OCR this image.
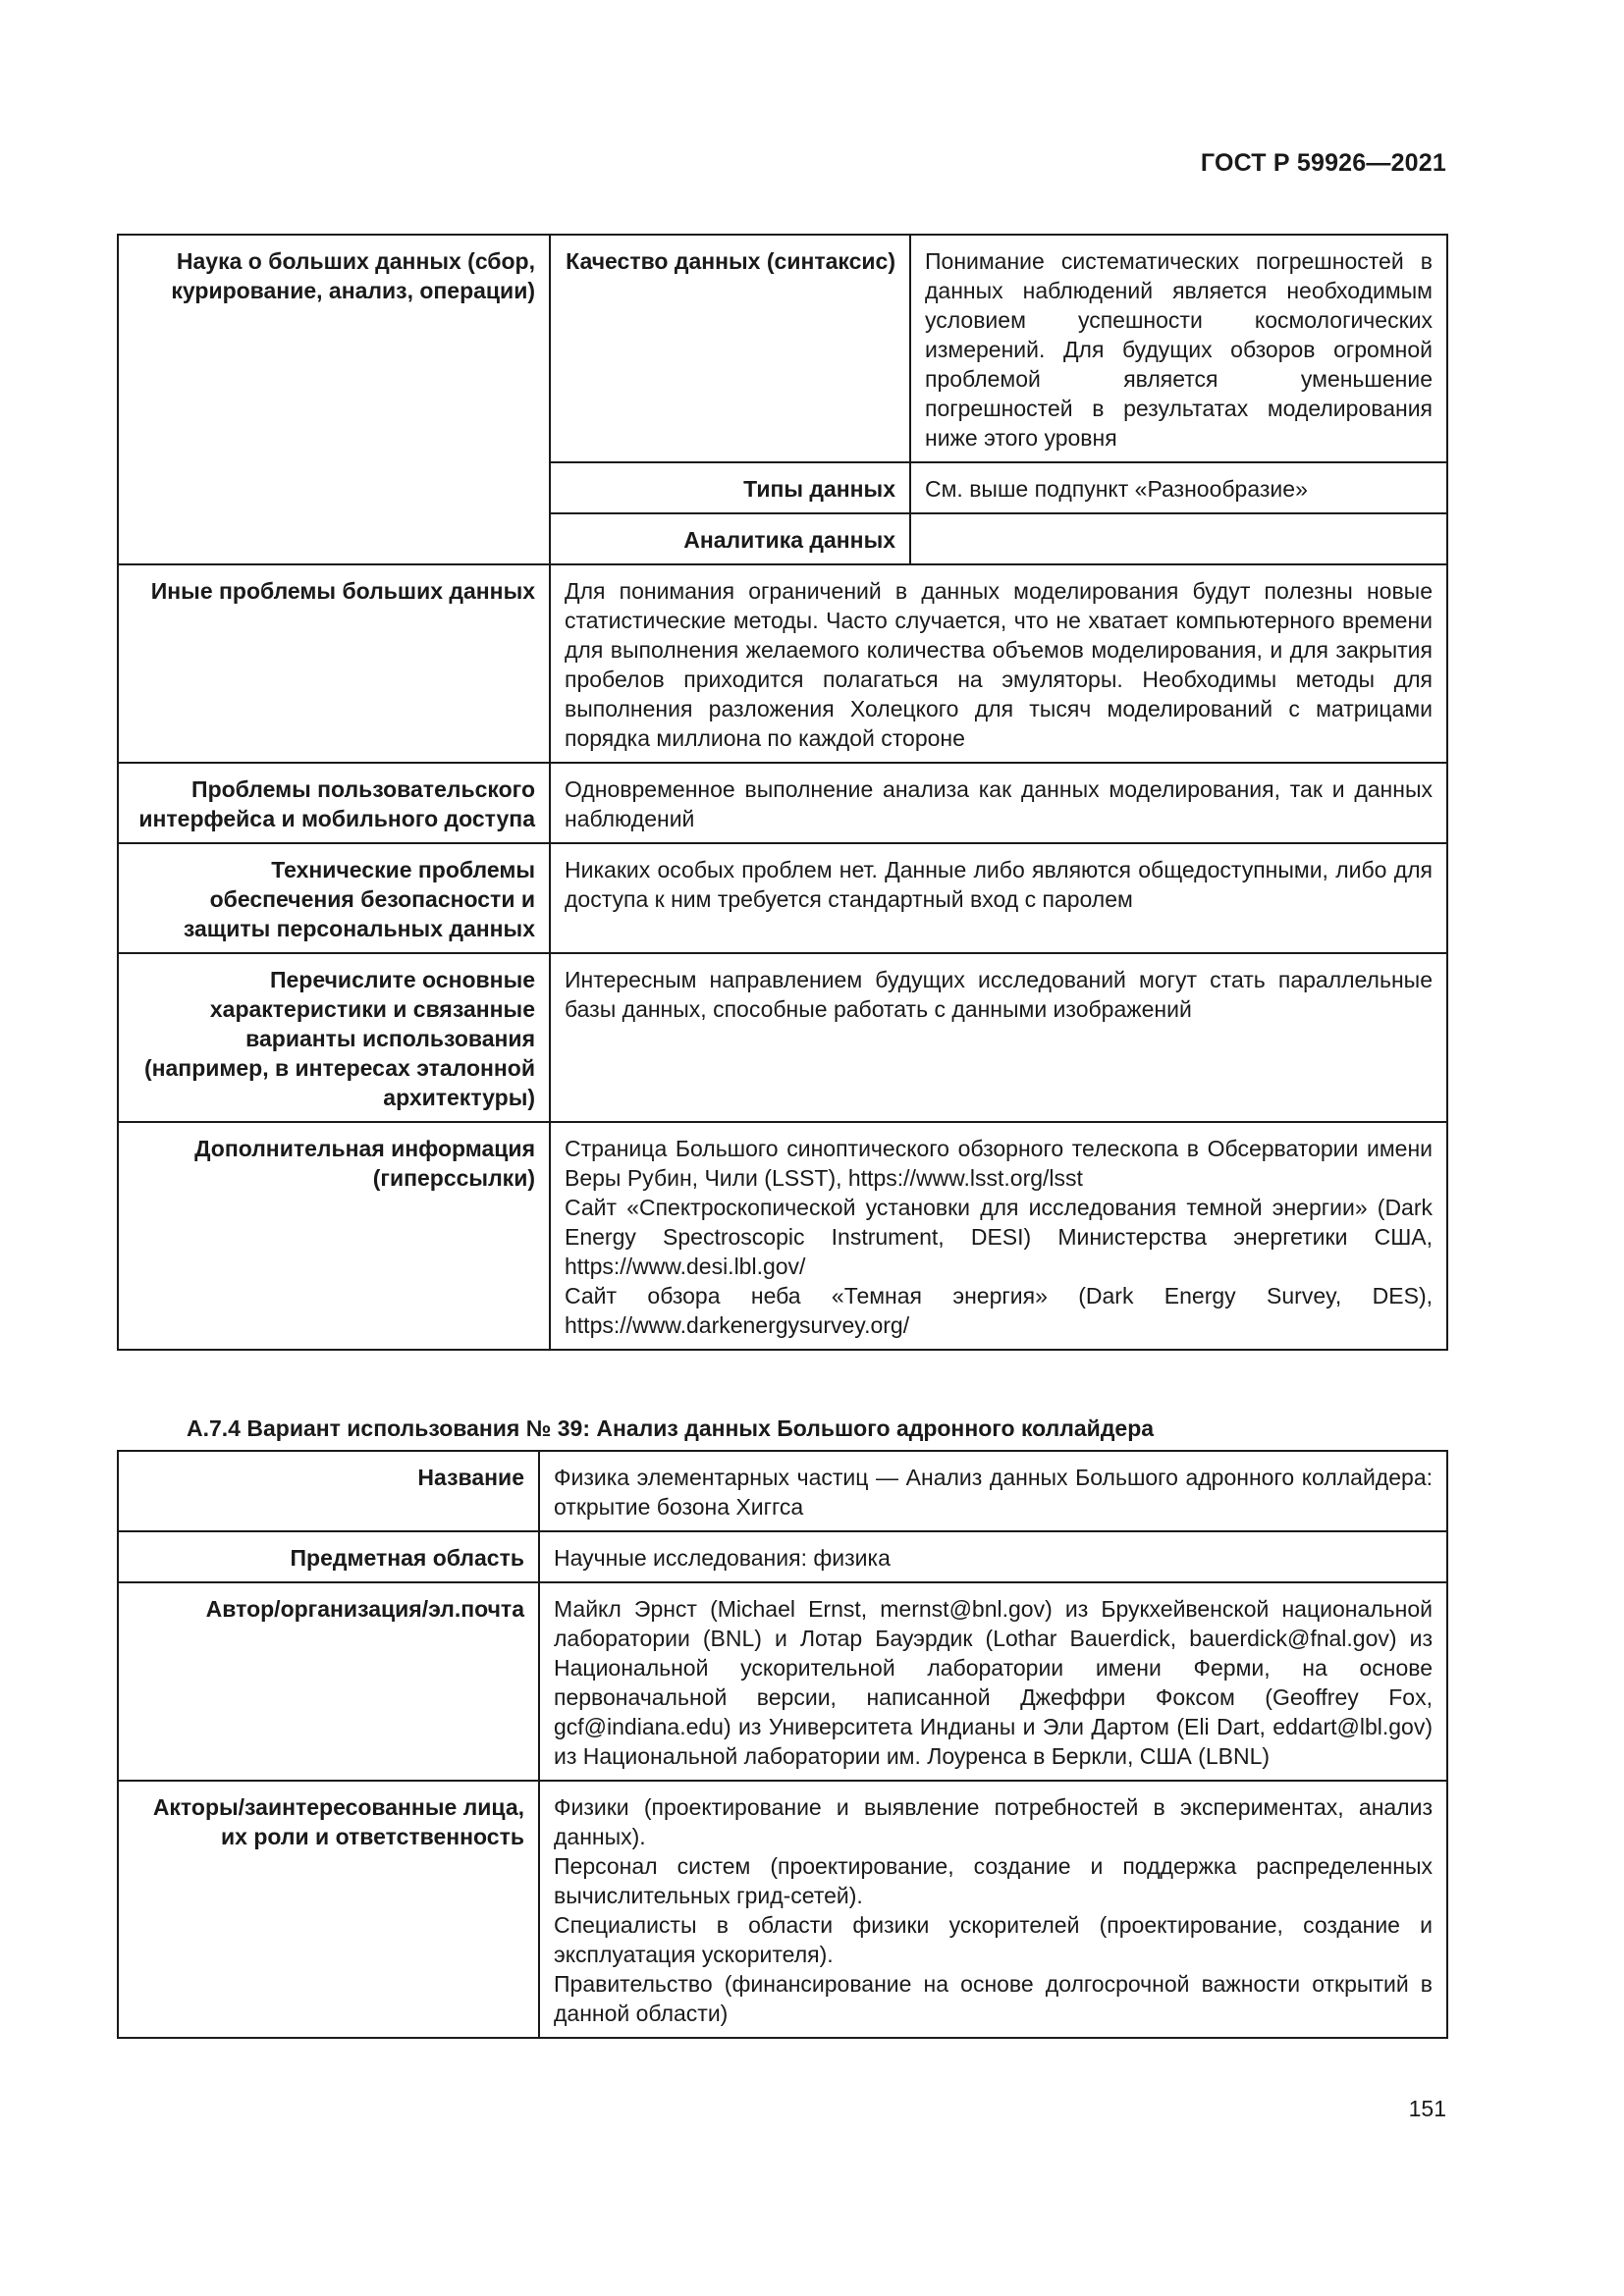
ГОСТ Р 59926—2021
Наука о больших данных (сбор, курирование, анализ, операции)	Качество данных (синтаксис)	Понимание систематических погрешностей в данных наблюдений является необходимым условием успешности космологических измерений. Для будущих обзоров огромной проблемой является уменьшение погрешностей в результатах моделирования ниже этого уровня
	Типы данных	См. выше подпункт «Разнообразие»
	Аналитика данных	
Иные проблемы больших данных	Для понимания ограничений в данных моделирования будут полезны новые статистические методы. Часто случается, что не хватает компьютерного времени для выполнения желаемого количества объемов моделирования, и для закрытия пробелов приходится полагаться на эмуляторы. Необходимы методы для выполнения разложения Холецкого для тысяч моделирований с матрицами порядка миллиона по каждой стороне	
Проблемы пользовательского интерфейса и мобильного доступа	Одновременное выполнение анализа как данных моделирования, так и данных наблюдений	
Технические проблемы обеспечения безопасности и защиты персональных данных	Никаких особых проблем нет. Данные либо являются общедоступными, либо для доступа к ним требуется стандартный вход с паролем	
Перечислите основные характеристики и связанные варианты использования (например, в интересах эталонной архитектуры)	Интересным направлением будущих исследований могут стать параллельные базы данных, способные работать с данными изображений	
Дополнительная информация (гиперссылки)	Страница Большого синоптического обзорного телескопа в Обсерватории имени Веры Рубин, Чили (LSST), https://www.lsst.org/lsst
Сайт «Спектроскопической установки для исследования темной энергии» (Dark Energy Spectroscopic Instrument, DESI) Министерства энергетики США, https://www.desi.lbl.gov/
Сайт обзора неба «Темная энергия» (Dark Energy Survey, DES), https://www.darkenergysurvey.org/	
А.7.4 Вариант использования № 39: Анализ данных Большого адронного коллайдера
Название	Физика элементарных частиц — Анализ данных Большого адронного коллайдера: открытие бозона Хиггса
Предметная область	Научные исследования: физика
Автор/организация/эл.почта	Майкл Эрнст (Michael Ernst, mernst@bnl.gov) из Брукхейвенской национальной лаборатории (BNL) и Лотар Бауэрдик (Lothar Bauerdick, bauerdick@fnal.gov) из Национальной ускорительной лаборатории имени Ферми, на основе первоначальной версии, написанной Джеффри Фоксом (Geoffrey Fox, gcf@indiana.edu) из Университета Индианы и Эли Дартом (Eli Dart, eddart@lbl.gov) из Национальной лаборатории им. Лоуренса в Беркли, США (LBNL)
Акторы/заинтересованные лица, их роли и ответственность	Физики (проектирование и выявление потребностей в экспериментах, анализ данных).
Персонал систем (проектирование, создание и поддержка распределенных вычислительных грид-сетей).
Специалисты в области физики ускорителей (проектирование, создание и эксплуатация ускорителя).
Правительство (финансирование на основе долгосрочной важности открытий в данной области)
151
